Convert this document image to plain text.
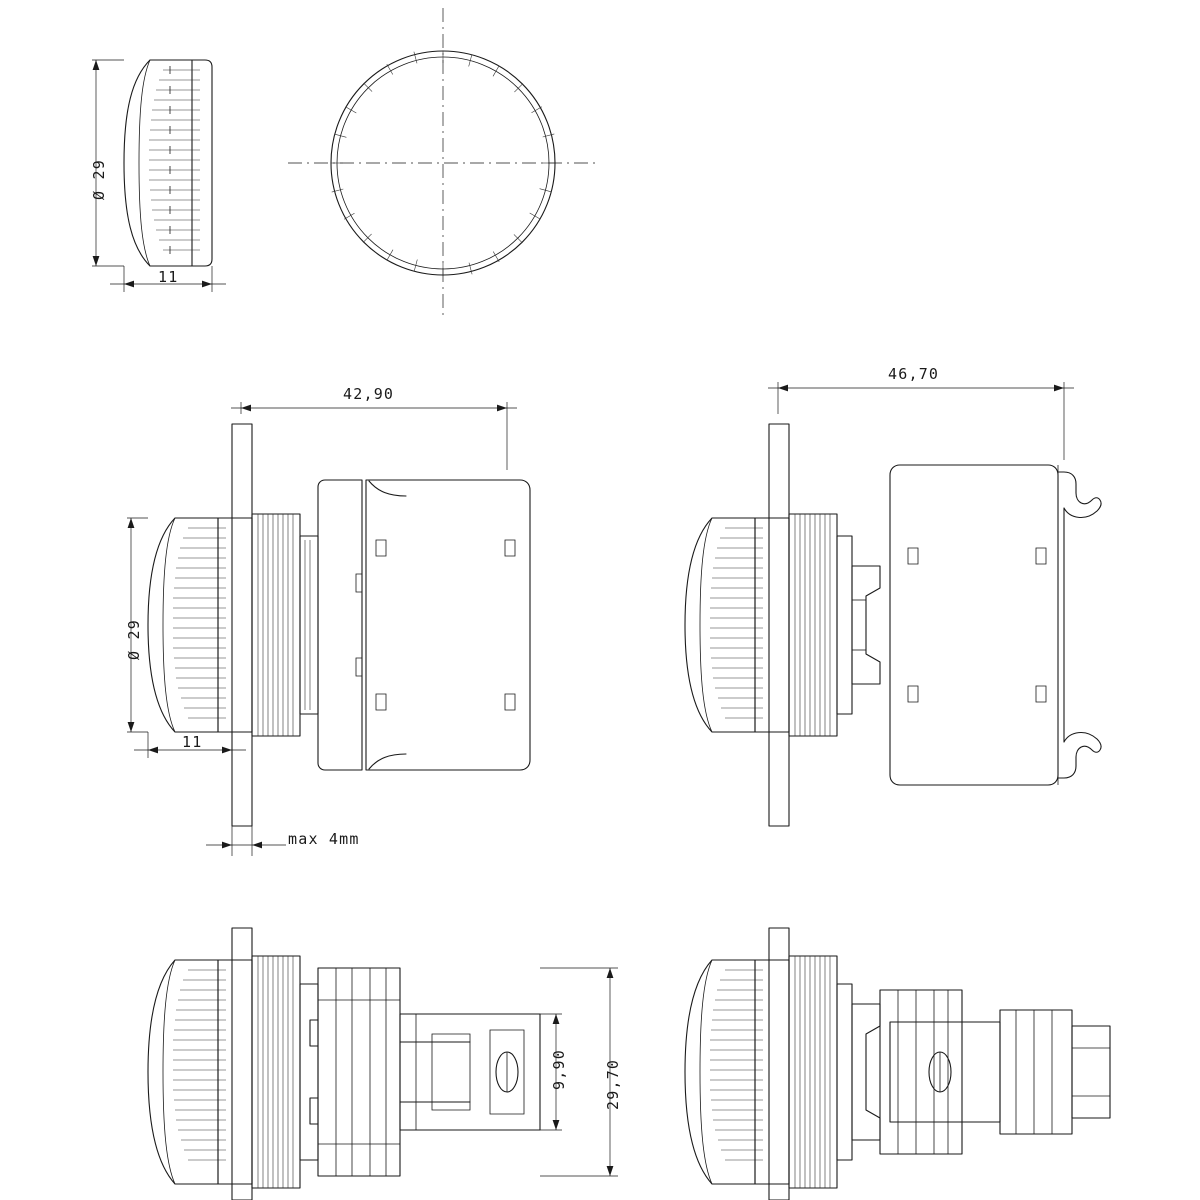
Ø 29
11
42,90
Ø 29
11
max 4mm
46,70
9,90 29,70
